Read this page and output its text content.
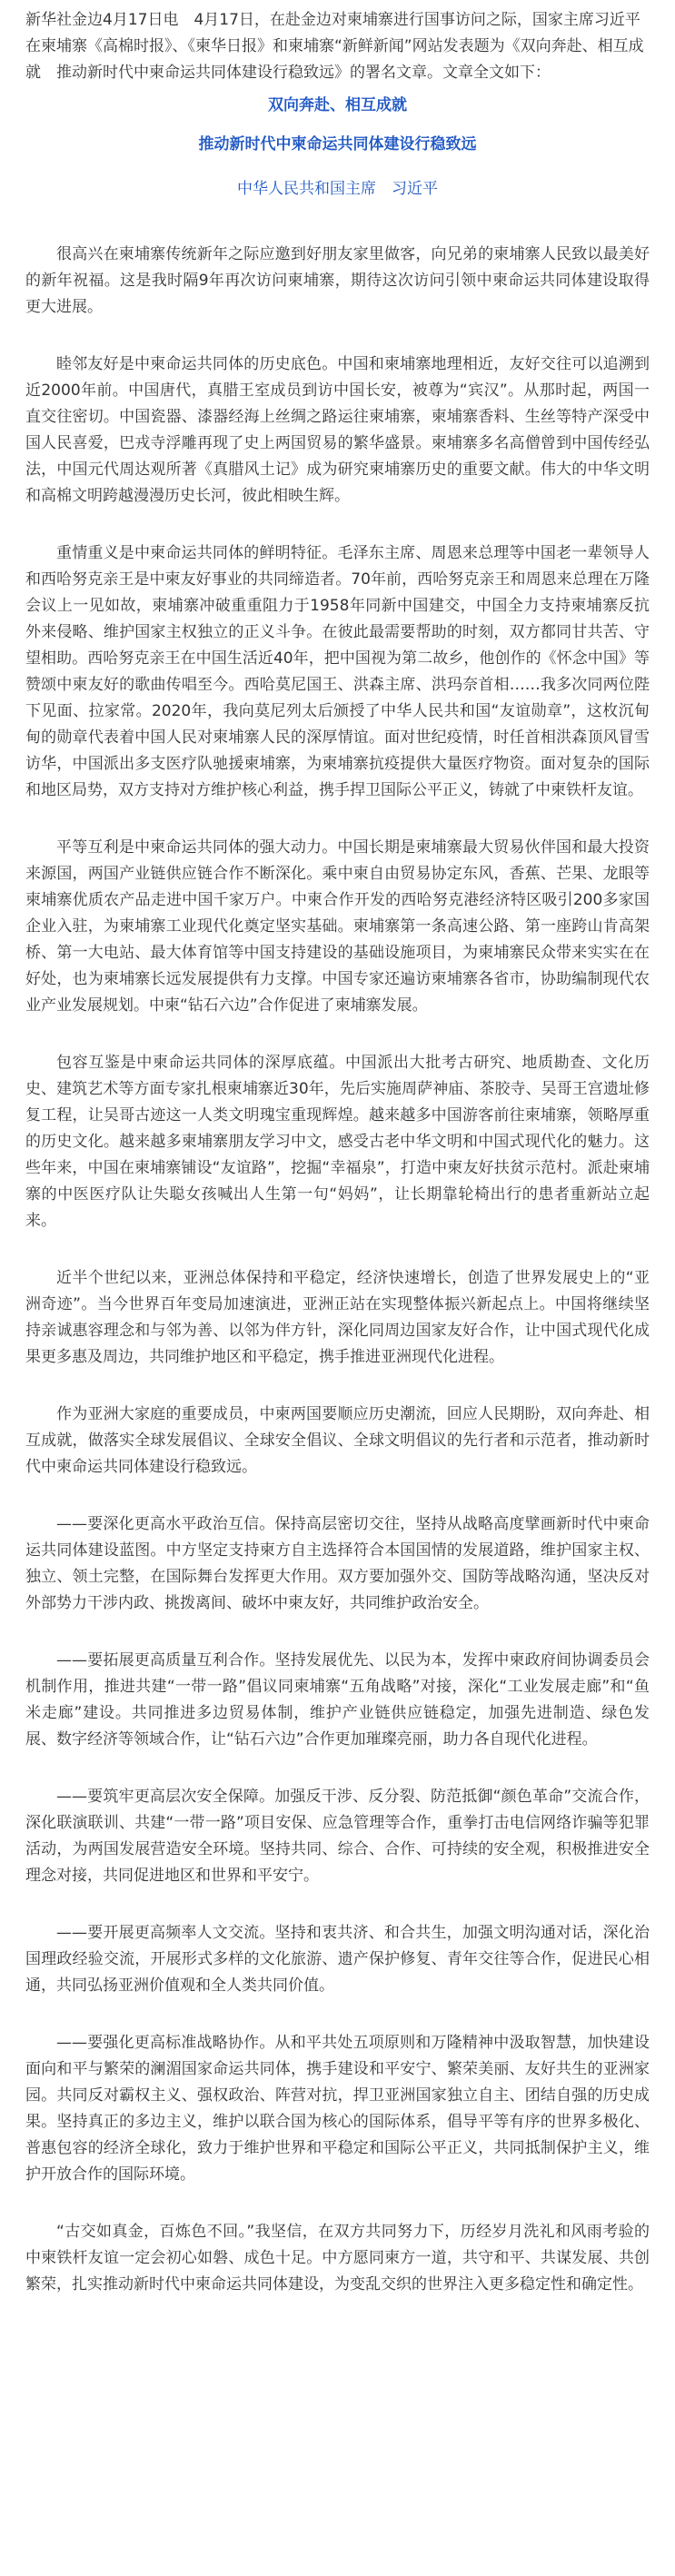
新华社金边4月17日电　4月17日，在赴金边对柬埔寨进行国事访问之际，国家主席习近平在柬埔寨《高棉时报》、《柬华日报》和柬埔寨“新鲜新闻”网站发表题为《双向奔赴、相互成就　推动新时代中柬命运共同体建设行稳致远》的署名文章。文章全文如下：

双向奔赴、相互成就

推动新时代中柬命运共同体建设行稳致远

中华人民共和国主席　习近平

很高兴在柬埔寨传统新年之际应邀到好朋友家里做客，向兄弟的柬埔寨人民致以最美好的新年祝福。这是我时隔9年再次访问柬埔寨，期待这次访问引领中柬命运共同体建设取得更大进展。

睦邻友好是中柬命运共同体的历史底色。中国和柬埔寨地理相近，友好交往可以追溯到近2000年前。中国唐代，真腊王室成员到访中国长安，被尊为“宾汉”。从那时起，两国一直交往密切。中国瓷器、漆器经海上丝绸之路运往柬埔寨，柬埔寨香料、生丝等特产深受中国人民喜爱，巴戎寺浮雕再现了史上两国贸易的繁华盛景。柬埔寨多名高僧曾到中国传经弘法，中国元代周达观所著《真腊风土记》成为研究柬埔寨历史的重要文献。伟大的中华文明和高棉文明跨越漫漫历史长河，彼此相映生辉。

重情重义是中柬命运共同体的鲜明特征。毛泽东主席、周恩来总理等中国老一辈领导人和西哈努克亲王是中柬友好事业的共同缔造者。70年前，西哈努克亲王和周恩来总理在万隆会议上一见如故，柬埔寨冲破重重阻力于1958年同新中国建交，中国全力支持柬埔寨反抗外来侵略、维护国家主权独立的正义斗争。在彼此最需要帮助的时刻，双方都同甘共苦、守望相助。西哈努克亲王在中国生活近40年，把中国视为第二故乡，他创作的《怀念中国》等赞颂中柬友好的歌曲传唱至今。西哈莫尼国王、洪森主席、洪玛奈首相……我多次同两位陛下见面、拉家常。2020年，我向莫尼列太后颁授了中华人民共和国“友谊勋章”，这枚沉甸甸的勋章代表着中国人民对柬埔寨人民的深厚情谊。面对世纪疫情，时任首相洪森顶风冒雪访华，中国派出多支医疗队驰援柬埔寨，为柬埔寨抗疫提供大量医疗物资。面对复杂的国际和地区局势，双方支持对方维护核心利益，携手捍卫国际公平正义，铸就了中柬铁杆友谊。

平等互利是中柬命运共同体的强大动力。中国长期是柬埔寨最大贸易伙伴国和最大投资来源国，两国产业链供应链合作不断深化。乘中柬自由贸易协定东风，香蕉、芒果、龙眼等柬埔寨优质农产品走进中国千家万户。中柬合作开发的西哈努克港经济特区吸引200多家国企业入驻，为柬埔寨工业现代化奠定坚实基础。柬埔寨第一条高速公路、第一座跨山肯高架桥、第一大电站、最大体育馆等中国支持建设的基础设施项目，为柬埔寨民众带来实实在在好处，也为柬埔寨长远发展提供有力支撑。中国专家还遍访柬埔寨各省市，协助编制现代农业产业发展规划。中柬“钻石六边”合作促进了柬埔寨发展。

包容互鉴是中柬命运共同体的深厚底蕴。中国派出大批考古研究、地质勘查、文化历史、建筑艺术等方面专家扎根柬埔寨近30年，先后实施周萨神庙、茶胶寺、吴哥王宫遗址修复工程，让吴哥古迹这一人类文明瑰宝重现辉煌。越来越多中国游客前往柬埔寨，领略厚重的历史文化。越来越多柬埔寨朋友学习中文，感受古老中华文明和中国式现代化的魅力。这些年来，中国在柬埔寨铺设“友谊路”，挖掘“幸福泉”，打造中柬友好扶贫示范村。派赴柬埔寨的中医医疗队让失聪女孩喊出人生第一句“妈妈”，让长期靠轮椅出行的患者重新站立起来。

近半个世纪以来，亚洲总体保持和平稳定，经济快速增长，创造了世界发展史上的“亚洲奇迹”。当今世界百年变局加速演进，亚洲正站在实现整体振兴新起点上。中国将继续坚持亲诚惠容理念和与邻为善、以邻为伴方针，深化同周边国家友好合作，让中国式现代化成果更多惠及周边，共同维护地区和平稳定，携手推进亚洲现代化进程。

作为亚洲大家庭的重要成员，中柬两国要顺应历史潮流，回应人民期盼，双向奔赴、相互成就，做落实全球发展倡议、全球安全倡议、全球文明倡议的先行者和示范者，推动新时代中柬命运共同体建设行稳致远。

——要深化更高水平政治互信。保持高层密切交往，坚持从战略高度擘画新时代中柬命运共同体建设蓝图。中方坚定支持柬方自主选择符合本国国情的发展道路，维护国家主权、独立、领土完整，在国际舞台发挥更大作用。双方要加强外交、国防等战略沟通，坚决反对外部势力干涉内政、挑拨离间、破坏中柬友好，共同维护政治安全。

——要拓展更高质量互利合作。坚持发展优先、以民为本，发挥中柬政府间协调委员会机制作用，推进共建“一带一路”倡议同柬埔寨“五角战略”对接，深化“工业发展走廊”和“鱼米走廊”建设。共同推进多边贸易体制，维护产业链供应链稳定，加强先进制造、绿色发展、数字经济等领域合作，让“钻石六边”合作更加璀璨亮丽，助力各自现代化进程。

——要筑牢更高层次安全保障。加强反干涉、反分裂、防范抵御“颜色革命”交流合作，深化联演联训、共建“一带一路”项目安保、应急管理等合作，重拳打击电信网络诈骗等犯罪活动，为两国发展营造安全环境。坚持共同、综合、合作、可持续的安全观，积极推进安全理念对接，共同促进地区和世界和平安宁。

——要开展更高频率人文交流。坚持和衷共济、和合共生，加强文明沟通对话，深化治国理政经验交流，开展形式多样的文化旅游、遗产保护修复、青年交往等合作，促进民心相通，共同弘扬亚洲价值观和全人类共同价值。

——要强化更高标准战略协作。从和平共处五项原则和万隆精神中汲取智慧，加快建设面向和平与繁荣的澜湄国家命运共同体，携手建设和平安宁、繁荣美丽、友好共生的亚洲家园。共同反对霸权主义、强权政治、阵营对抗，捍卫亚洲国家独立自主、团结自强的历史成果。坚持真正的多边主义，维护以联合国为核心的国际体系，倡导平等有序的世界多极化、普惠包容的经济全球化，致力于维护世界和平稳定和国际公平正义，共同抵制保护主义，维护开放合作的国际环境。

“古交如真金，百炼色不回。”我坚信，在双方共同努力下，历经岁月洗礼和风雨考验的中柬铁杆友谊一定会初心如磐、成色十足。中方愿同柬方一道，共守和平、共谋发展、共创繁荣，扎实推动新时代中柬命运共同体建设，为变乱交织的世界注入更多稳定性和确定性。
